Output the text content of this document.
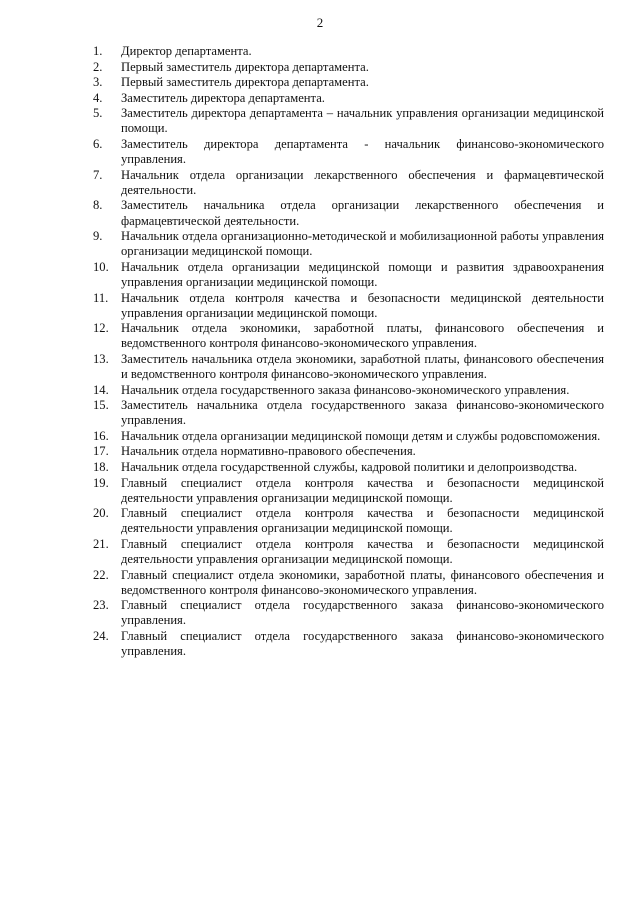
2
1.	Директор департамента.
2.	Первый заместитель директора департамента.
3.	Первый заместитель директора департамента.
4.	Заместитель директора департамента.
5.	Заместитель директора департамента – начальник управления организации медицинской помощи.
6.	Заместитель директора департамента - начальник финансово-экономического управления.
7.	Начальник отдела организации лекарственного обеспечения и фармацевтической деятельности.
8.	Заместитель начальника отдела организации лекарственного обеспечения и фармацевтической деятельности.
9.	Начальник отдела организационно-методической и мобилизационной работы управления организации медицинской помощи.
10. Начальник отдела организации медицинской помощи и развития здравоохранения управления организации медицинской помощи.
11.	Начальник отдела контроля качества и безопасности медицинской деятельности управления организации медицинской помощи.
12. Начальник отдела экономики, заработной платы, финансового обеспечения и ведомственного контроля финансово-экономического управления.
13. Заместитель начальника отдела экономики, заработной платы, финансового обеспечения и ведомственного контроля финансово-экономического управления.
14. Начальник отдела государственного заказа финансово-экономического управления.
15. Заместитель начальника отдела государственного заказа финансово-экономического управления.
16. Начальник отдела организации медицинской помощи детям и службы родовспоможения.
17. Начальник отдела нормативно-правового обеспечения.
18. Начальник отдела государственной службы, кадровой политики и делопроизводства.
19. Главный специалист отдела контроля качества и безопасности медицинской деятельности управления организации медицинской помощи.
20. Главный специалист отдела контроля качества и безопасности медицинской деятельности управления организации медицинской помощи.
21. Главный специалист отдела контроля качества и безопасности медицинской деятельности управления организации медицинской помощи.
22. Главный специалист отдела экономики, заработной платы, финансового обеспечения и ведомственного контроля финансово-экономического управления.
23. Главный специалист отдела государственного заказа финансово-экономического управления.
24. Главный специалист отдела государственного заказа финансово-экономического управления.
